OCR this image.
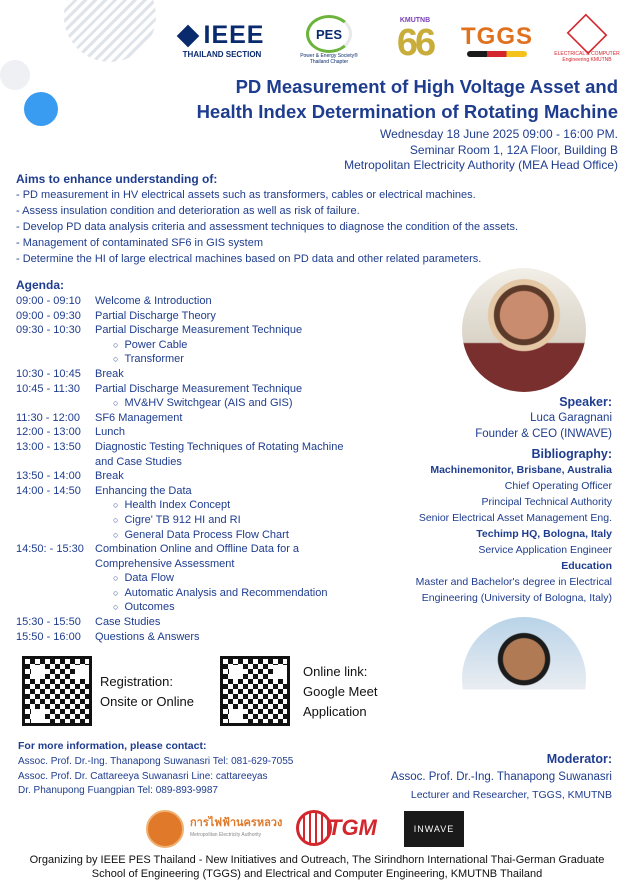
IEEE
THAILAND SECTION
PES
Power & Energy Society®
Thailand Chapter
KMUTNB
66 TGGS
ELECTRICAL & COMPUTER Engineering KMUTNB
PD Measurement of High Voltage Asset and
Health Index Determination of Rotating Machine
Wednesday 18 June 2025 09:00 - 16:00 PM.
Seminar Room 1, 12A Floor, Building B
Metropolitan Electricity Authority (MEA Head Office)
Aims to enhance understanding of:
- PD measurement in HV electrical assets such as transformers, cables or electrical machines.
- Assess insulation condition and deterioration as well as risk of failure.
- Develop PD data analysis criteria and assessment techniques to diagnose the condition of the assets.
- Management of contaminated SF6 in GIS system
- Determine the HI of large electrical machines based on PD data and other related parameters.
Agenda:
09:00 - 09:10	Welcome & Introduction
09:00 - 09:30	Partial Discharge Theory
09:30 - 10:30	Partial Discharge Measurement Technique
○ Power Cable
○ Transformer
10:30 - 10:45	Break
10:45 - 11:30	Partial Discharge Measurement Technique
○ MV&HV Switchgear (AIS and GIS)
11:30 - 12:00	SF6 Management
12:00 - 13:00	Lunch
13:00 - 13:50	Diagnostic Testing Techniques of Rotating Machine and Case Studies
13:50 - 14:00	Break
14:00 - 14:50	Enhancing the Data
○ Health Index Concept
○ Cigre' TB 912 HI and RI
○ General Data Process Flow Chart
14:50: - 15:30	Combination Online and Offline Data for a Comprehensive Assessment
○ Data Flow
○ Automatic Analysis and Recommendation
○ Outcomes
15:30 - 15:50	Case Studies
15:50 - 16:00	Questions & Answers
Speaker:
Luca Garagnani
Founder & CEO (INWAVE)
Bibliography:
Machinemonitor, Brisbane, Australia
Chief Operating Officer
Principal Technical Authority
Senior Electrical Asset Management Eng.
Techimp HQ, Bologna, Italy
Service Application Engineer
Education
Master and Bachelor's degree in Electrical
Engineering (University of Bologna, Italy)
Registration:
Onsite or Online
Online link:
Google Meet
Application
For more information, please contact:
Assoc. Prof. Dr.-Ing. Thanapong Suwanasri Tel: 081-629-7055
Assoc. Prof. Dr. Cattareeya Suwanasri Line: cattareeyas
Dr. Phanupong Fuangpian Tel: 089-893-9987
Moderator:
Assoc. Prof. Dr.-Ing. Thanapong Suwanasri
Lecturer and Researcher, TGGS, KMUTNB
การไฟฟ้านครหลวง
Metropolitan Electricity Authority	TGM	INWAVE
Organizing by IEEE PES Thailand - New Initiatives and Outreach, The Sirindhorn International Thai-German Graduate
School of Engineering (TGGS) and Electrical and Computer Engineering, KMUTNB Thailand
